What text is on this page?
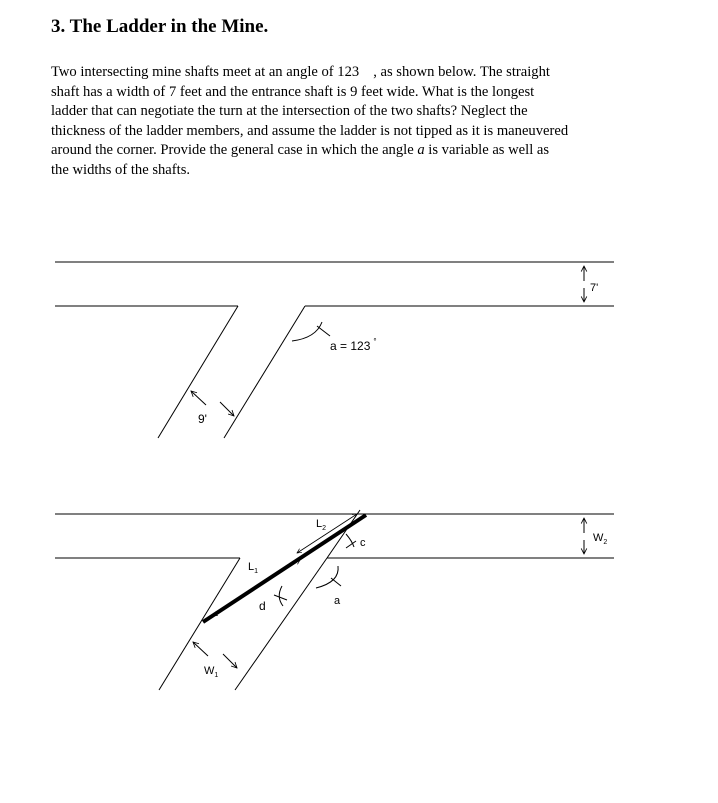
3. The Ladder in the Mine.
Two intersecting mine shafts meet at an angle of 123 , as shown below. The straight
shaft has a width of 7 feet and the entrance shaft is 9 feet wide. What is the longest
ladder that can negotiate the turn at the intersection of the two shafts? Neglect the
thickness of the ladder members, and assume the ladder is not tipped as it is maneuvered
around the corner. Provide the general case in which the angle a is variable as well as
the widths of the shafts.
a = 123 °
7'
9'
$W_2$
$W_1$
$L_1$
$L_2$
c
d	a
